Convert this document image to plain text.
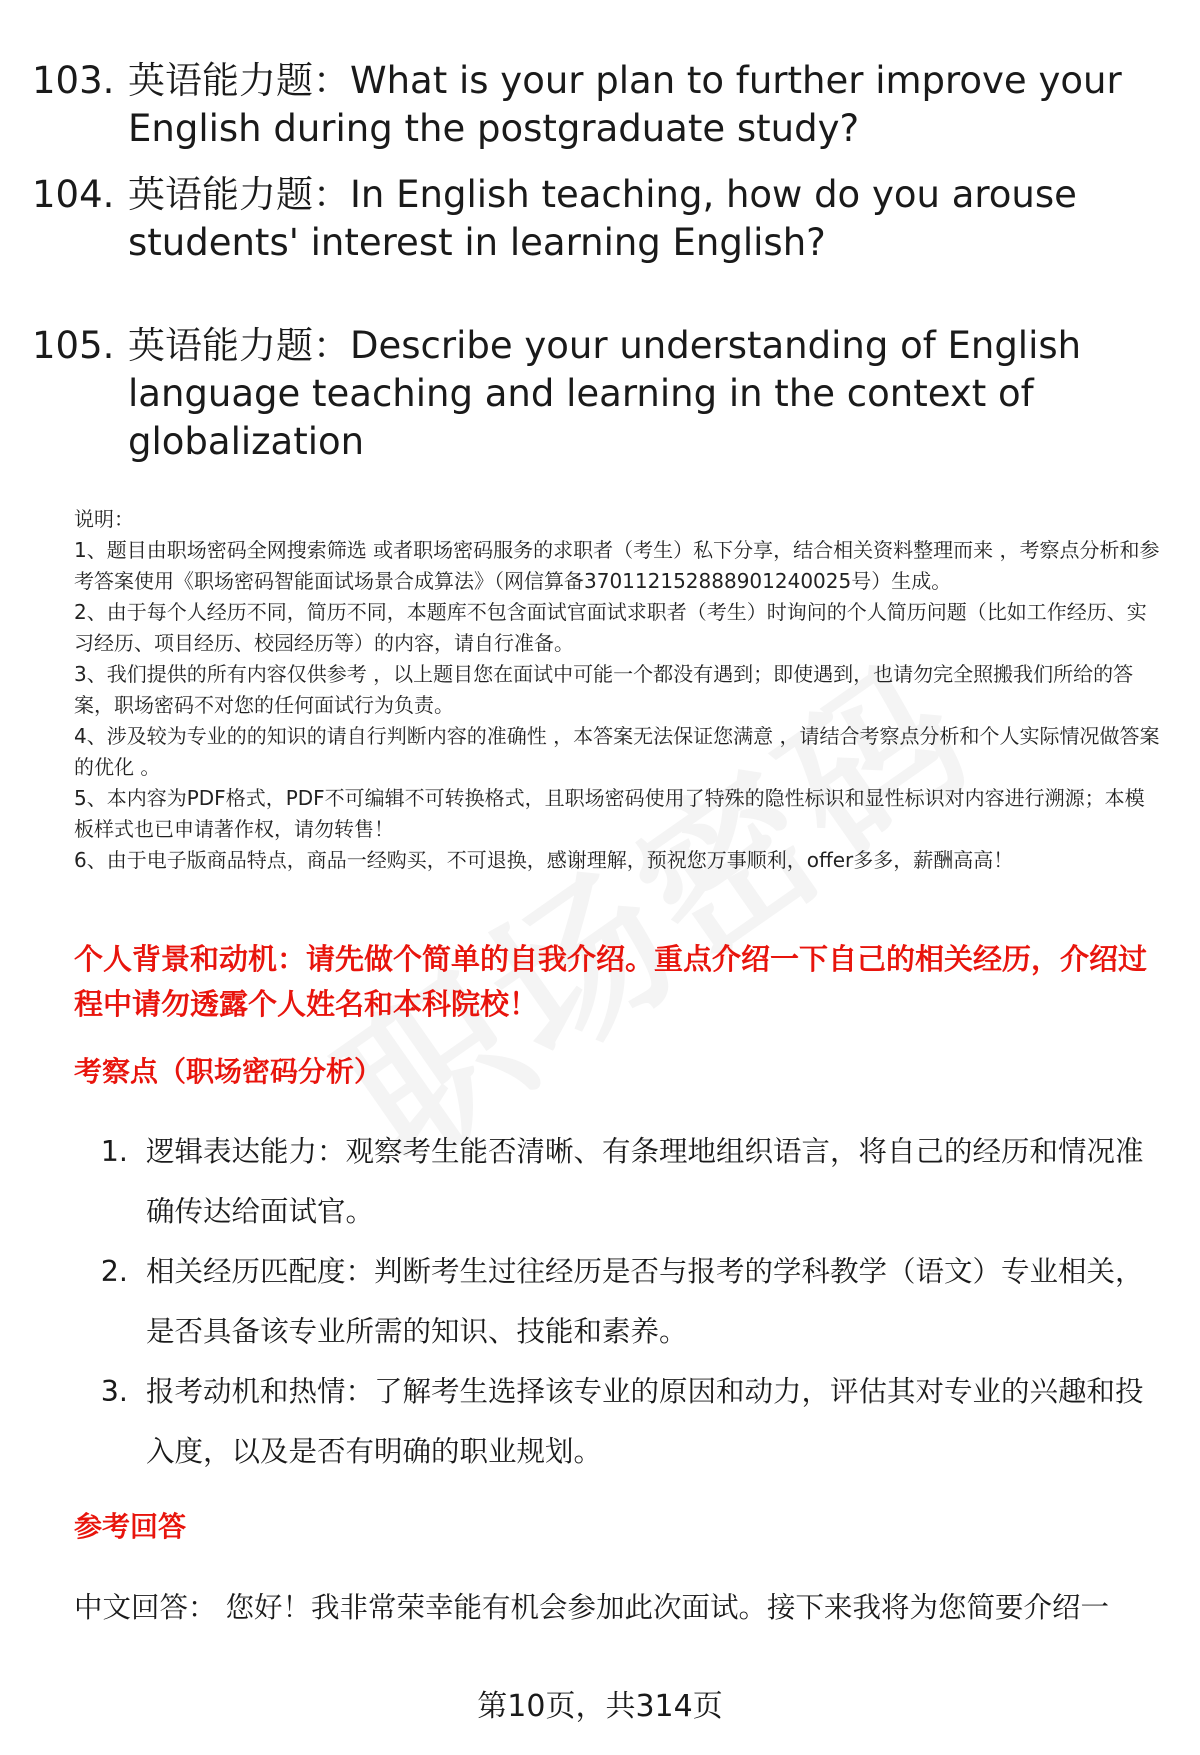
103. 英语能力题：What is your plan to further improve your English during the postgraduate study?
104. 英语能力题：In English teaching, how do you arouse students' interest in learning English?
105. 英语能力题：Describe your understanding of English language teaching and learning in the context of globalization

说明：

1、题目由职场密码全网搜索筛选 或者职场密码服务的求职者（考生）私下分享，结合相关资料整理而来 ，考察点分析和参考答案使用《职场密码智能面试场景合成算法》（网信算备370112152888901240025号）生成。

2、由于每个人经历不同，简历不同，本题库不包含面试官面试求职者（考生）时询问的个人简历问题（比如工作经历、实习经历、项目经历、校园经历等）的内容，请自行准备。

3、我们提供的所有内容仅供参考 ，以上题目您在面试中可能一个都没有遇到；即使遇到，也请勿完全照搬我们所给的答案，职场密码不对您的任何面试行为负责。

4、涉及较为专业的的知识的请自行判断内容的准确性 ，本答案无法保证您满意 ，请结合考察点分析和个人实际情况做答案的优化 。

5、本内容为PDF格式，PDF不可编辑不可转换格式，且职场密码使用了特殊的隐性标识和显性标识对内容进行溯源；本模板样式也已申请著作权，请勿转售！

6、由于电子版商品特点，商品一经购买，不可退换，感谢理解，预祝您万事顺利，offer多多，薪酬高高！

个人背景和动机：请先做个简单的自我介绍。重点介绍一下自己的相关经历，介绍过程中请勿透露个人姓名和本科院校！
考察点（职场密码分析）
1. 逻辑表达能力：观察考生能否清晰、有条理地组织语言，将自己的经历和情况准确传达给面试官。
2. 相关经历匹配度：判断考生过往经历是否与报考的学科教学（语文）专业相关，是否具备该专业所需的知识、技能和素养。
3. 报考动机和热情：了解考生选择该专业的原因和动力，评估其对专业的兴趣和投入度，以及是否有明确的职业规划。
参考回答
中文回答： 您好！我非常荣幸能有机会参加此次面试。接下来我将为您简要介绍一
第10页，共314页
